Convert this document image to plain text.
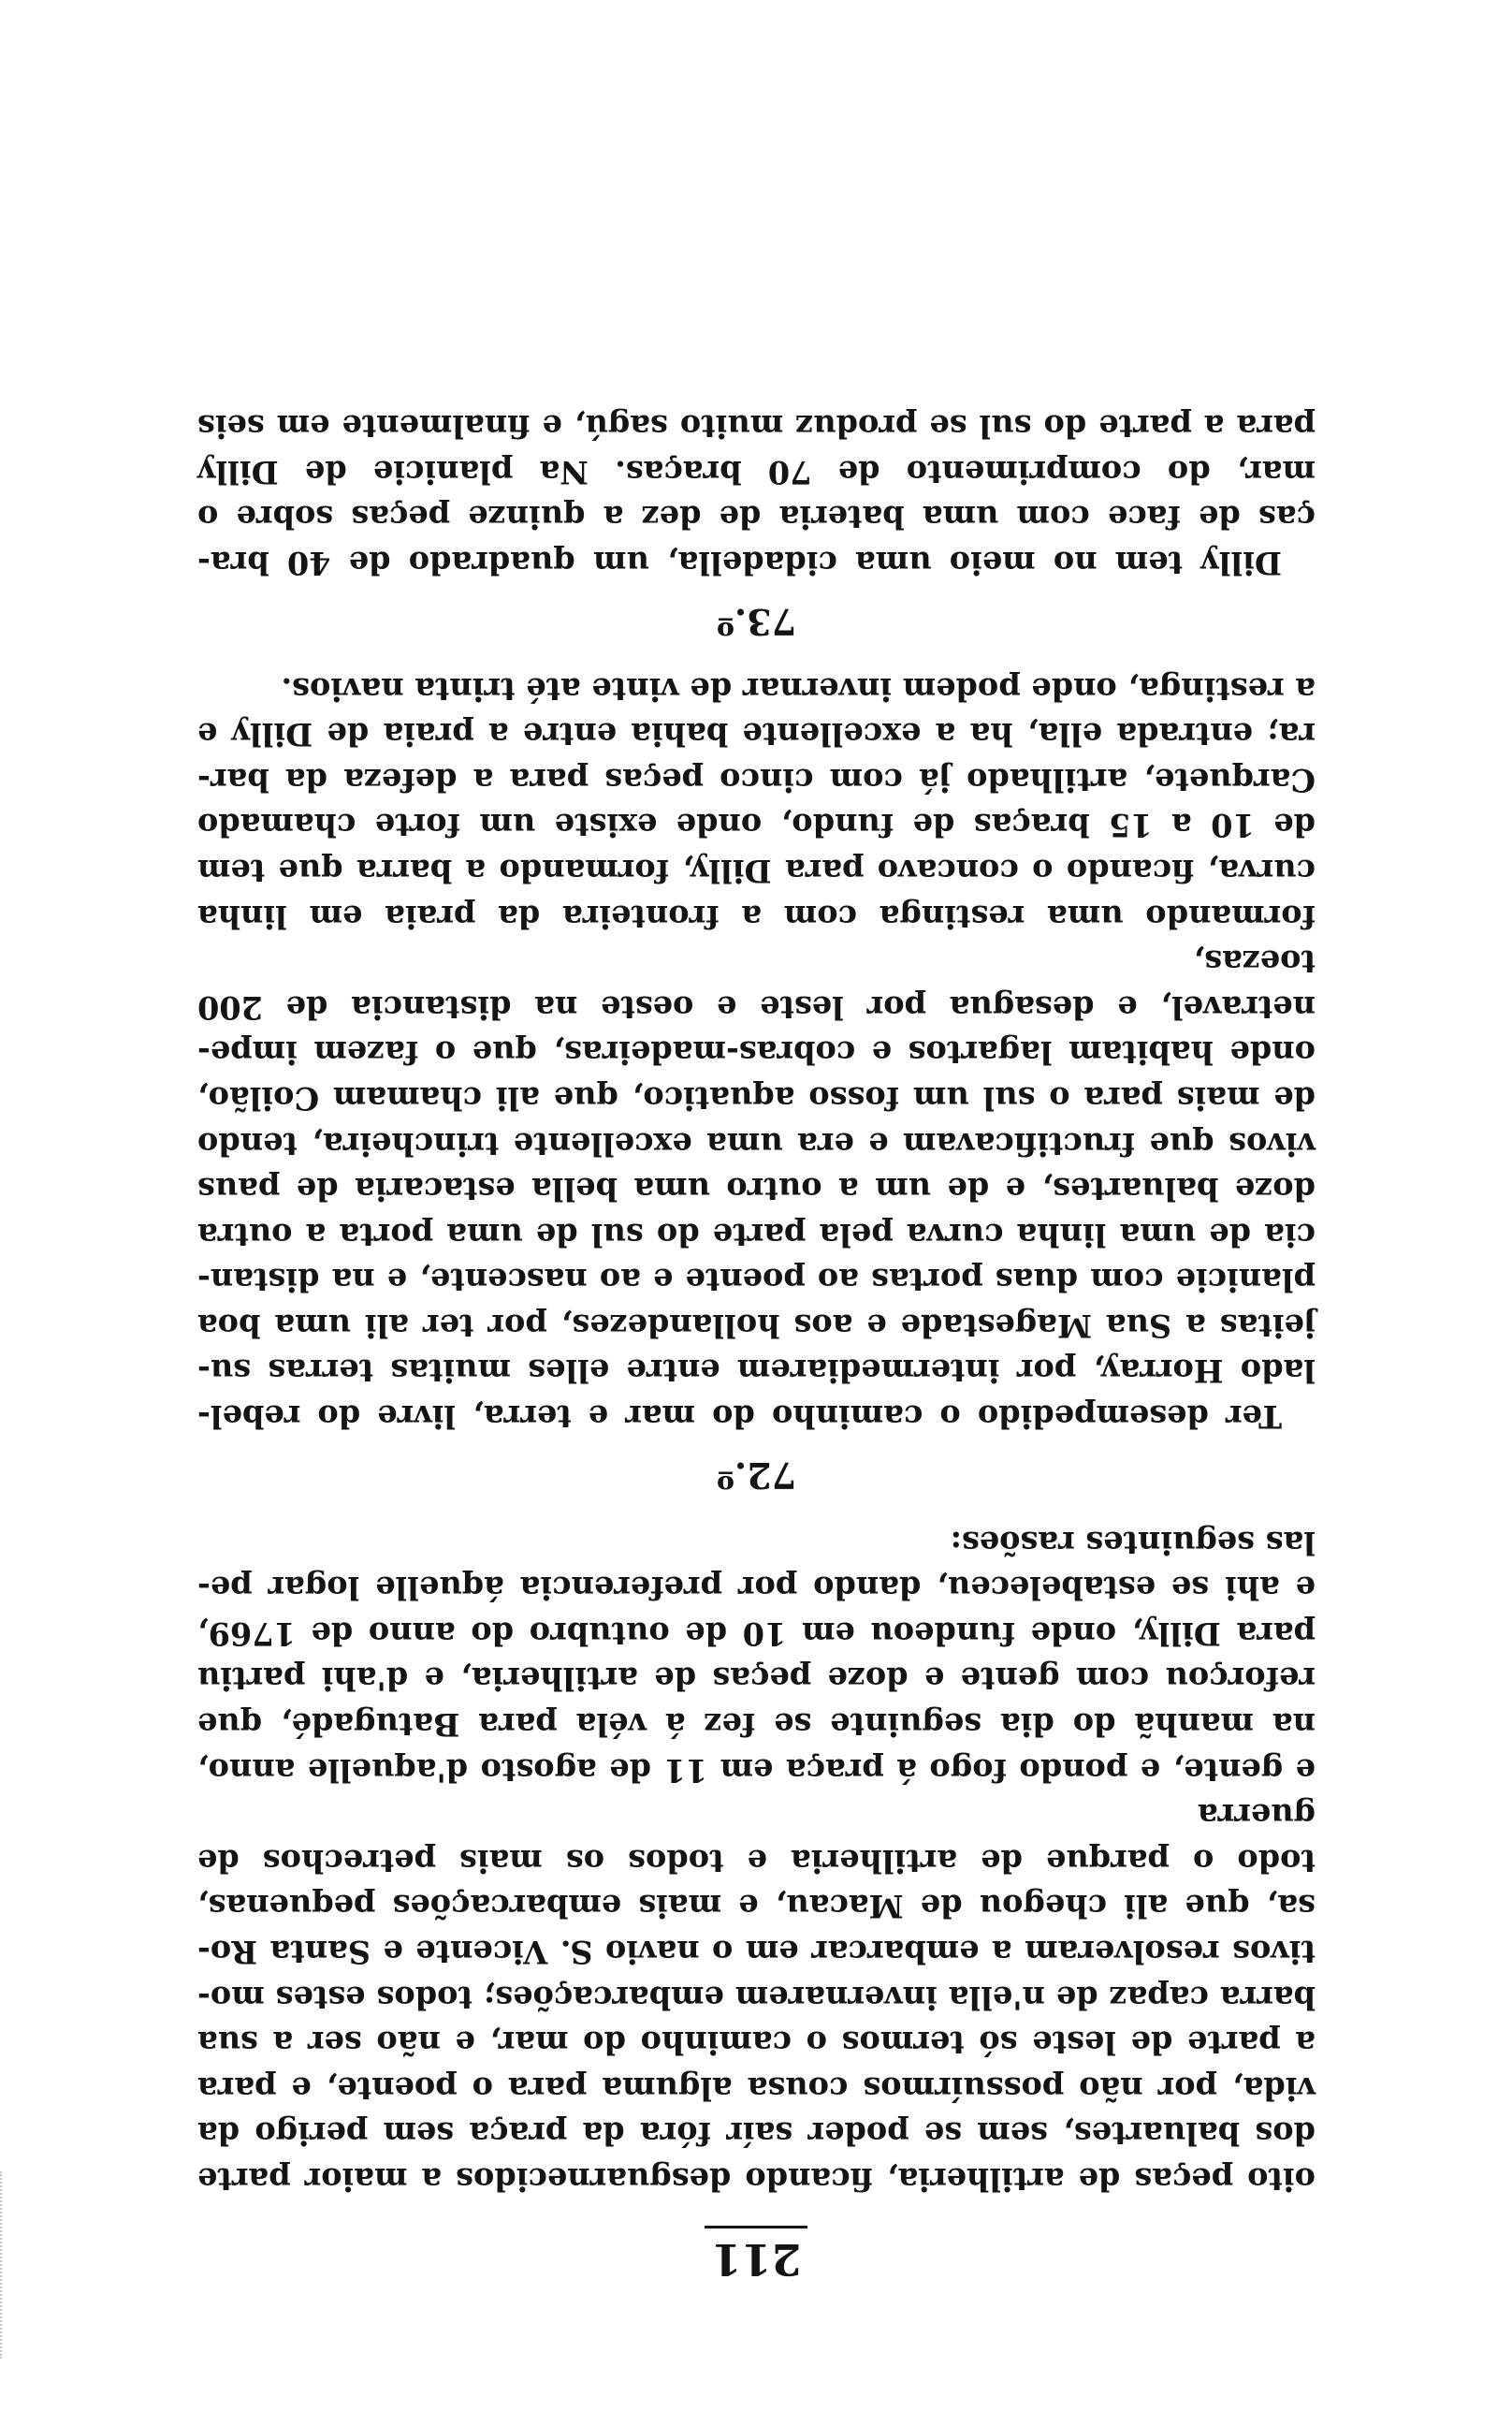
211
oito peças de artilheria, ficando desguarnecidos a maior parte
dos baluartes, sem se poder saír fóra da praça sem perigo da
vida, por não possuírmos cousa alguma para o poente, e para
a parte de leste só termos o caminho do mar, e não ser a sua
barra capaz de n'ella invernarem embarcações; todos estes mo-
tivos resolveram a embarcar em o navio S. Vicente e Santa Ro-
sa, que ali chegou de Macau, e mais embarcações pequenas,
todo o parque de artilheria e todos os mais petrechos de guerra
e gente, e pondo fogo á praça em 11 de agosto d'aquelle anno,
na manhã do dia seguinte se fez á véla para Batugadé, que
reforçou com gente e doze peças de artilheria, e d'ahi partiu
para Dilly, onde fundeou em 10 de outubro do anno de 1769,
e ahi se estabeleceu, dando por preferencia áquelle logar pe-
las seguintes rasões:
72.º
Ter desempedido o caminho do mar e terra, livre do rebel-
lado Horray, por intermediarem entre elles muitas terras su-
jeitas a Sua Magestade e aos hollandezes, por ter ali uma boa
planicie com duas portas ao poente e ao nascente, e na distan-
cia de uma linha curva pela parte do sul de uma porta a outra
doze baluartes, e de um a outro uma bella estacaria de paus
vivos que fructificavam e era uma excellente trincheira, tendo
de mais para o sul um fosso aquatico, que ali chamam Coilão,
onde habitam lagartos e cobras-madeiras, que o fazem impe-
netravel, e desagua por leste e oeste na distancia de 200 toezas,
formando uma restinga com a fronteira da praia em linha
curva, ficando o concavo para Dilly, formando a barra que tem
de 10 a 15 braças de fundo, onde existe um forte chamado
Carquete, artilhado já com cinco peças para a defeza da bar-
ra; entrada ella, ha a excellente bahia entre a praia de Dilly e
a restinga, onde podem invernar de vinte até trinta navios.
73.º
Dilly tem no meio uma cidadella, um quadrado de 40 bra-
ças de face com uma bateria de dez a quinze peças sobre o
mar, do comprimento de 70 braças. Na planicie de Dilly
para a parte do sul se produz muito sagú, e finalmente em seis
